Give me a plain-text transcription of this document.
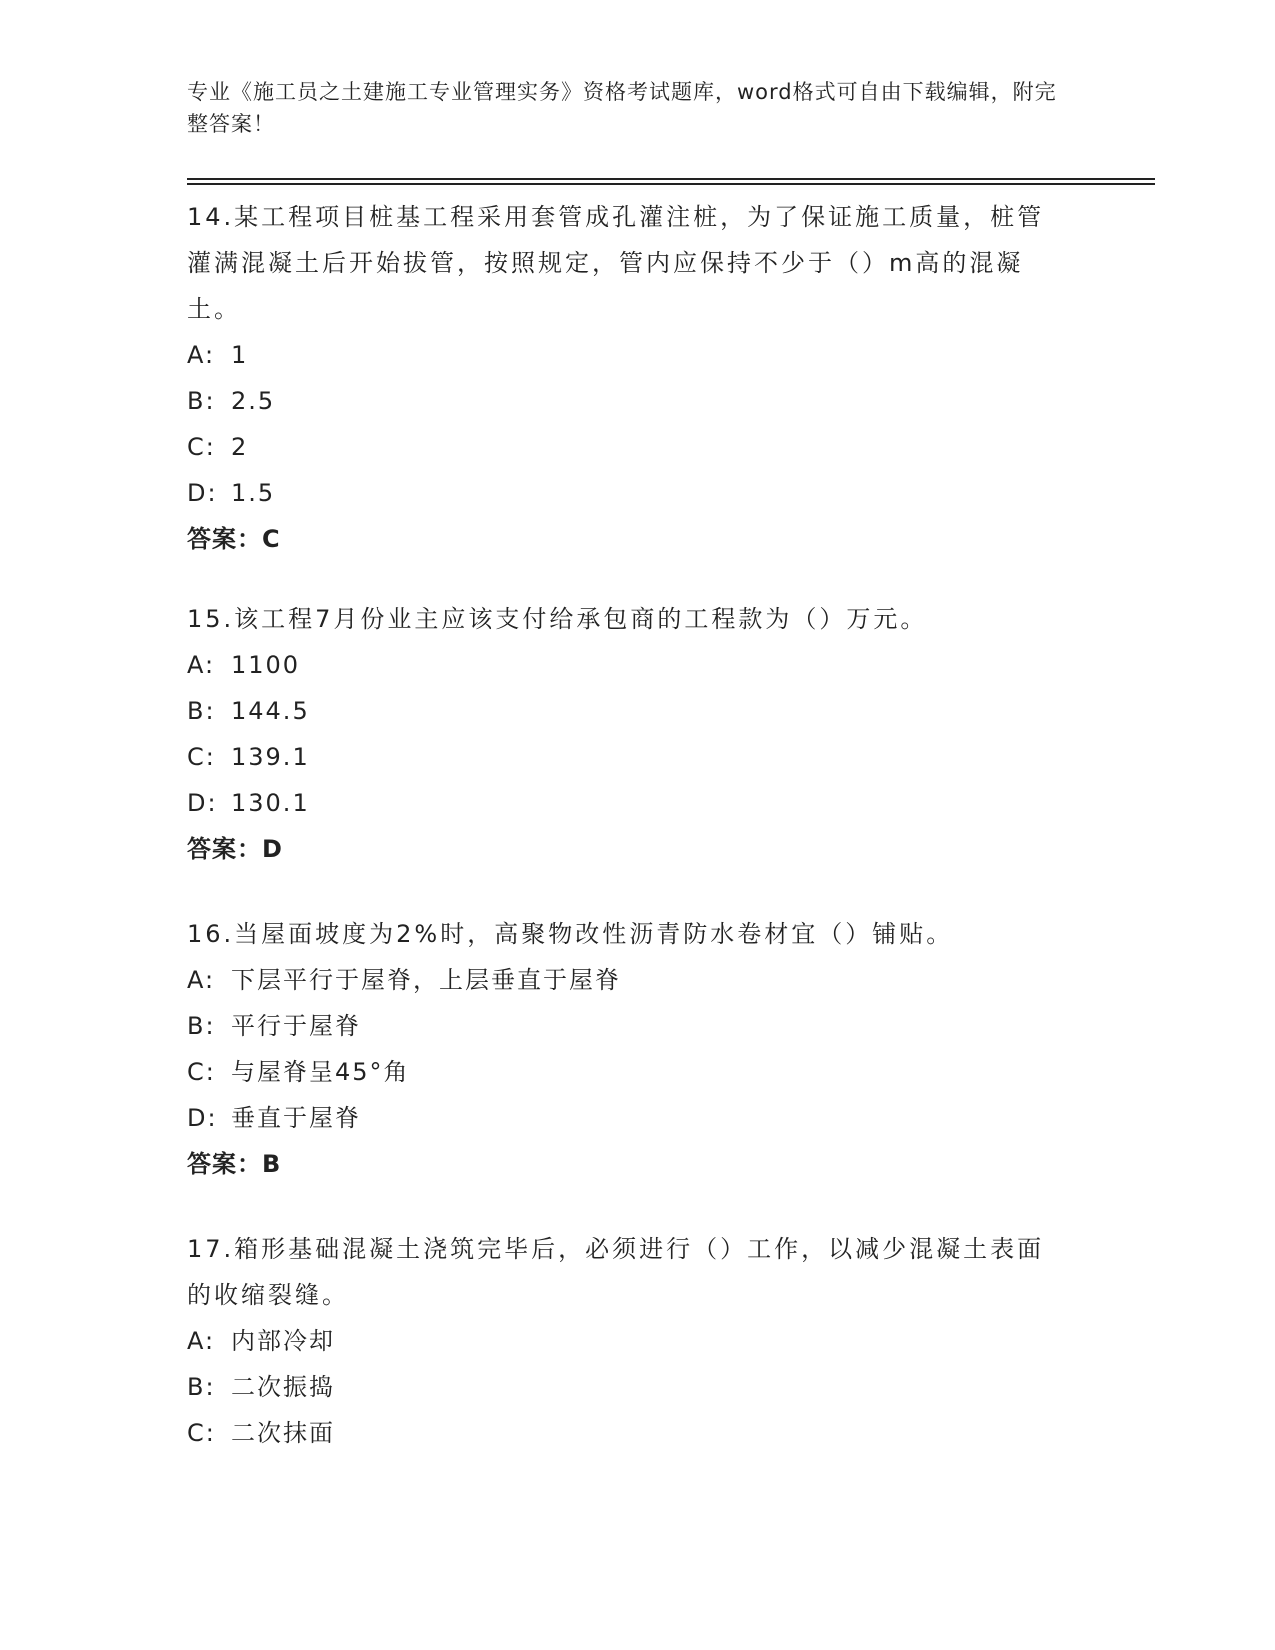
专业《施工员之土建施工专业管理实务》资格考试题库，word格式可自由下载编辑，附完整答案！
14.某工程项目桩基工程采用套管成孔灌注桩，为了保证施工质量，桩管灌满混凝土后开始拔管，按照规定，管内应保持不少于（）m高的混凝土。
A: 1
B: 2.5
C: 2
D: 1.5
答案：C
15.该工程7月份业主应该支付给承包商的工程款为（）万元。
A: 1100
B: 144.5
C: 139.1
D: 130.1
答案：D
16.当屋面坡度为2%时，高聚物改性沥青防水卷材宜（）铺贴。
A: 下层平行于屋脊，上层垂直于屋脊
B: 平行于屋脊
C: 与屋脊呈45°角
D: 垂直于屋脊
答案：B
17.箱形基础混凝土浇筑完毕后，必须进行（）工作，以减少混凝土表面的收缩裂缝。
A: 内部冷却
B: 二次振捣
C: 二次抹面
